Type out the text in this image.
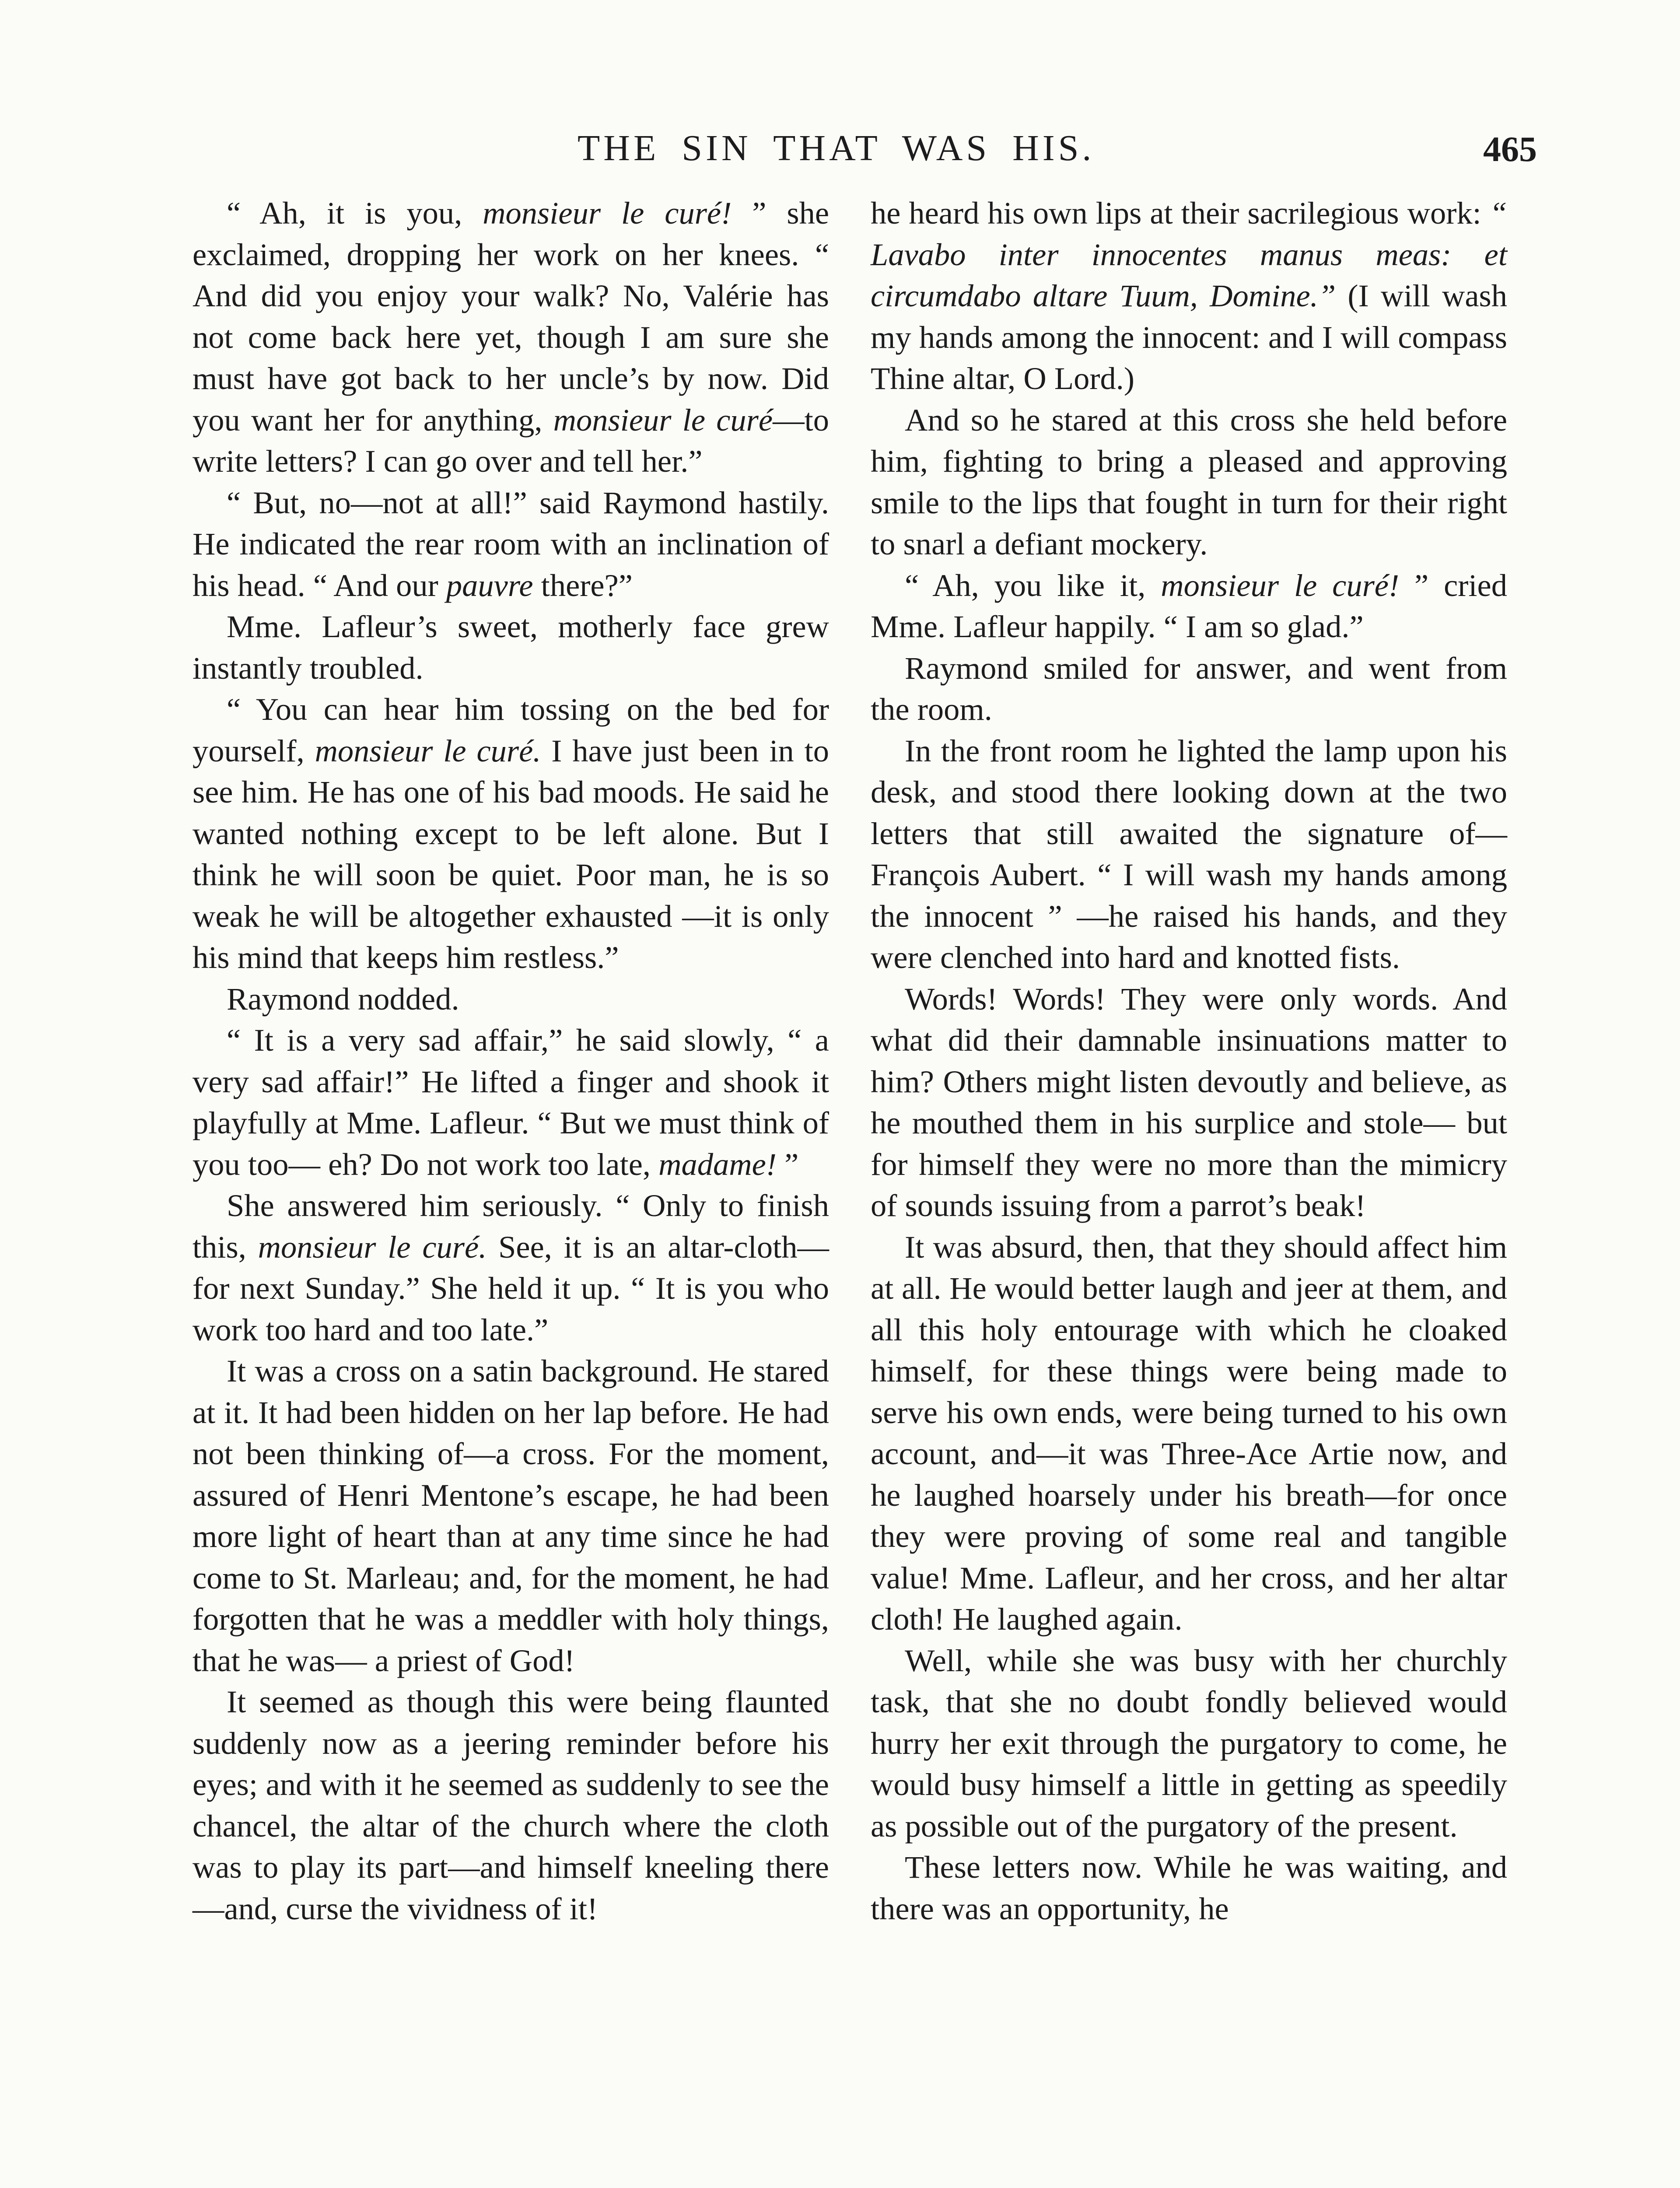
THE SIN THAT WAS HIS.	465

“ Ah, it is you, monsieur le curé! ” she exclaimed, dropping her work on her knees. “ And did you enjoy your walk? No, Valérie has not come back here yet, though I am sure she must have got back to her uncle’s by now. Did you want her for anything, monsieur le curé—to write letters? I can go over and tell her.”

“ But, no—not at all!” said Raymond hastily. He indicated the rear room with an inclination of his head. “ And our pauvre there?”

Mme. Lafleur’s sweet, motherly face grew instantly troubled.

“ You can hear him tossing on the bed for yourself, monsieur le curé. I have just been in to see him. He has one of his bad moods. He said he wanted nothing except to be left alone. But I think he will soon be quiet. Poor man, he is so weak he will be altogether exhausted —it is only his mind that keeps him restless.”

Raymond nodded.

“ It is a very sad affair,” he said slowly, “ a very sad affair!” He lifted a finger and shook it playfully at Mme. Lafleur. “ But we must think of you too— eh? Do not work too late, madame! ”

She answered him seriously. “ Only to finish this, monsieur le curé. See, it is an altar-cloth—for next Sunday.” She held it up. “ It is you who work too hard and too late.”

It was a cross on a satin background. He stared at it. It had been hidden on her lap before. He had not been thinking of—a cross. For the moment, assured of Henri Mentone’s escape, he had been more light of heart than at any time since he had come to St. Marleau; and, for the moment, he had forgotten that he was a meddler with holy things, that he was— a priest of God!

It seemed as though this were being flaunted suddenly now as a jeering reminder before his eyes; and with it he seemed as suddenly to see the chancel, the altar of the church where the cloth was to play its part—and himself kneeling there—and, curse the vividness of it!

he heard his own lips at their sacrilegious work: “ Lavabo inter innocentes manus meas: et circumdabo altare Tuum, Domine.” (I will wash my hands among the innocent: and I will compass Thine altar, O Lord.)

And so he stared at this cross she held before him, fighting to bring a pleased and approving smile to the lips that fought in turn for their right to snarl a defiant mockery.

“ Ah, you like it, monsieur le curé! ” cried Mme. Lafleur happily. “ I am so glad.”

Raymond smiled for answer, and went from the room.

In the front room he lighted the lamp upon his desk, and stood there looking down at the two letters that still awaited the signature of—François Aubert. “ I will wash my hands among the innocent ” —he raised his hands, and they were clenched into hard and knotted fists.

Words! Words! They were only words. And what did their damnable insinuations matter to him? Others might listen devoutly and believe, as he mouthed them in his surplice and stole— but for himself they were no more than the mimicry of sounds issuing from a parrot’s beak!

It was absurd, then, that they should affect him at all. He would better laugh and jeer at them, and all this holy entourage with which he cloaked himself, for these things were being made to serve his own ends, were being turned to his own account, and—it was Three-Ace Artie now, and he laughed hoarsely under his breath—for once they were proving of some real and tangible value! Mme. Lafleur, and her cross, and her altar cloth! He laughed again.

Well, while she was busy with her churchly task, that she no doubt fondly believed would hurry her exit through the purgatory to come, he would busy himself a little in getting as speedily as possible out of the purgatory of the present.

These letters now. While he was waiting, and there was an opportunity, he
